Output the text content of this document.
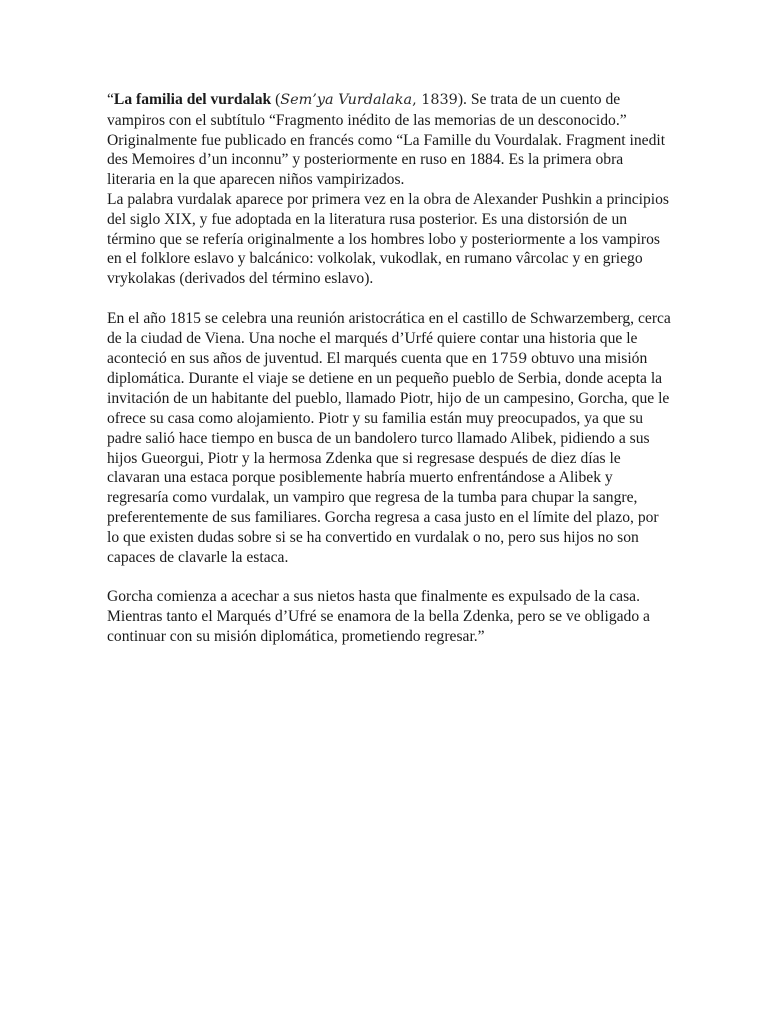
“La familia del vurdalak (Sem’ya Vurdalaka, 1839). Se trata de un cuento de vampiros con el subtítulo “Fragmento inédito de las memorias de un desconocido.” Originalmente fue publicado en francés como “La Famille du Vourdalak. Fragment inedit des Memoires d’un inconnu” y posteriormente en ruso en 1884. Es la primera obra literaria en la que aparecen niños vampirizados.

La palabra vurdalak aparece por primera vez en la obra de Alexander Pushkin a principios del siglo XIX, y fue adoptada en la literatura rusa posterior. Es una distorsión de un término que se refería originalmente a los hombres lobo y posteriormente a los vampiros en el folklore eslavo y balcánico: volkolak, vukodlak, en rumano vârcolac y en griego vrykolakas (derivados del término eslavo).

En el año 1815 se celebra una reunión aristocrática en el castillo de Schwarzemberg, cerca de la ciudad de Viena. Una noche el marqués d’Urfé quiere contar una historia que le aconteció en sus años de juventud. El marqués cuenta que en 1759 obtuvo una misión diplomática. Durante el viaje se detiene en un pequeño pueblo de Serbia, donde acepta la invitación de un habitante del pueblo, llamado Piotr, hijo de un campesino, Gorcha, que le ofrece su casa como alojamiento. Piotr y su familia están muy preocupados, ya que su padre salió hace tiempo en busca de un bandolero turco llamado Alibek, pidiendo a sus hijos Gueorgui, Piotr y la hermosa Zdenka que si regresase después de diez días le clavaran una estaca porque posiblemente habría muerto enfrentándose a Alibek y regresaría como vurdalak, un vampiro que regresa de la tumba para chupar la sangre, preferentemente de sus familiares. Gorcha regresa a casa justo en el límite del plazo, por lo que existen dudas sobre si se ha convertido en vurdalak o no, pero sus hijos no son capaces de clavarle la estaca.

Gorcha comienza a acechar a sus nietos hasta que finalmente es expulsado de la casa. Mientras tanto el Marqués d’Ufré se enamora de la bella Zdenka, pero se ve obligado a continuar con su misión diplomática, prometiendo regresar.”
